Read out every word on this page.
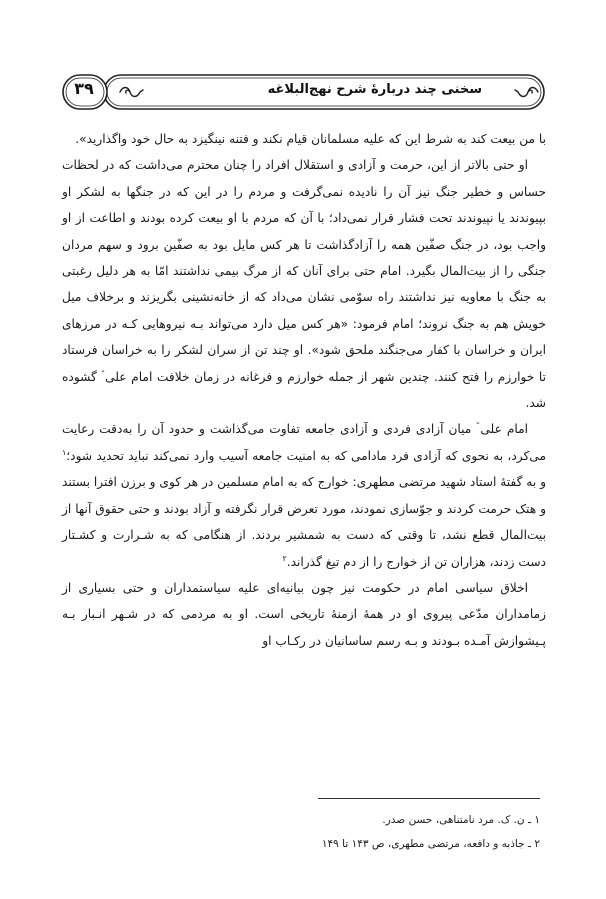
۳۹	سخنی چند دربارۀ شرح نهج‌البلاغه

با من بیعت کند به شرط این که علیه مسلمانان قیام نکند و فتنه نینگیزد به حال خود واگذارید».

او حتی بالاتر از این، حرمت و آزادی و استقلال افراد را چنان محترم می‌داشت که در لحظات حساس و خطیر جنگ نیز آن را نادیده نمی‌گرفت و مردم را در این که در جنگها به لشکر او بپیوندند یا نپیوندند تحت فشار قرار نمی‌داد؛ با آن که مردم با او بیعت کرده بودند و اطاعت از او واجب بود، در جنگ صفّین همه را آزادگذاشت تا هر کس مایل بود به صفّین برود و سهم مردان جنگی را از بیت‌المال بگیرد. امام حتی برای آنان که از مرگ بیمی نداشتند امّا به هر دلیل رغبتی به جنگ با معاویه نیز نداشتند راه سوّمی نشان می‌داد که از خانه‌نشینی بگریزند و برخلاف میل خویش هم به جنگ نروند؛ امام فرمود: «هر کس میل دارد می‌تواند بـه نیروهایی کـه در مرزهای ایران و خراسان با کفار می‌جنگند ملحق شود». او چند تن از سران لشکر را به خراسان فرستاد تا خوارزم را فتح کنند. چندین شهر از جمله خوارزم و فرغانه در زمان خلافت امام علی ؑ گشوده شد.

امام علی ؑ میان آزادی فردی و آزادی جامعه تفاوت می‌گذاشت و حدود آن را به‌دقت رعایت می‌کرد، به نحوی که آزادی فرد مادامی که به امنیت جامعه آسیب وارد نمی‌کند نباید تحدید شود؛$^۱$ و به گفتۀ استاد شهید مرتضی مطهری: خوارج که به امام مسلمین در هر کوی و برزن افترا بستند و هتک حرمت کردند و جوّسازی نمودند، مورد تعرض قرار نگرفته و آزاد بودند و حتی حقوق آنها از بیت‌المال قطع نشد، تا وقتی که دست به شمشیر بردند. از هنگامی که به شـرارت و کشـتار دست زدند، هزاران تن از خوارج را از دم تیغ گذراند.$^۲$

اخلاق سیاسی امام در حکومت نیز چون بیانیه‌ای علیه سیاستمداران و حتی بسیاری از زمامداران مدّعی پیروی او در همۀ ازمنۀ تاریخی است. او به مردمی که در شـهر انـبار بـه پـیشوازش آمـده بـودند و بـه رسم ساسانیان در رکـاب او

۱ ـ ن. ک. مرد نامتناهی، حسن صدر.
۲ ـ جاذبه و دافعه، مرتضی مطهری، ص ۱۴۳ تا ۱۴۹
